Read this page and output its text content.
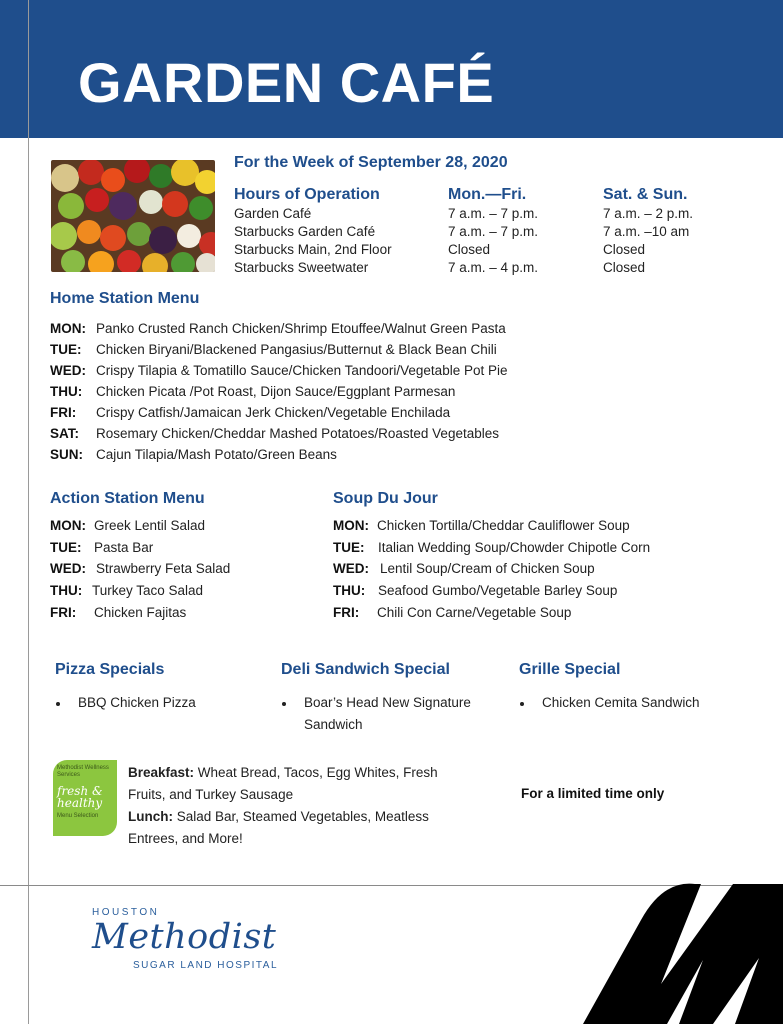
GARDEN CAFÉ
For the Week of September 28, 2020
Hours of Operation	Mon.—Fri.	Sat. & Sun.
Garden Café	7 a.m. – 7 p.m.	7 a.m. – 2 p.m.
Starbucks Garden Café	7 a.m. – 7 p.m.	7 a.m. –10 am
Starbucks Main, 2nd Floor	Closed	Closed
Starbucks Sweetwater	7 a.m. – 4 p.m.	Closed
Home Station Menu
MON: Panko Crusted Ranch Chicken/Shrimp Etouffee/Walnut Green Pasta
TUE: Chicken Biryani/Blackened Pangasius/Butternut & Black Bean Chili
WED: Crispy Tilapia & Tomatillo Sauce/Chicken Tandoori/Vegetable Pot Pie
THU: Chicken Picata /Pot Roast, Dijon Sauce/Eggplant Parmesan
FRI: Crispy Catfish/Jamaican Jerk Chicken/Vegetable Enchilada
SAT: Rosemary Chicken/Cheddar Mashed Potatoes/Roasted Vegetables
SUN: Cajun Tilapia/Mash Potato/Green Beans
Action Station Menu
MON: Greek Lentil Salad
TUE: Pasta Bar
WED: Strawberry Feta Salad
THU: Turkey Taco Salad
FRI: Chicken Fajitas
Soup Du Jour
MON: Chicken Tortilla/Cheddar Cauliflower Soup
TUE: Italian Wedding Soup/Chowder Chipotle Corn
WED: Lentil Soup/Cream of Chicken Soup
THU: Seafood Gumbo/Vegetable Barley Soup
FRI: Chili Con Carne/Vegetable Soup
Pizza Specials
BBQ Chicken Pizza
Deli Sandwich Special
Boar’s Head New Signature
Sandwich
Grille Special
Chicken Cemita Sandwich
Methodist Wellness Services
fresh &
healthy
Menu Selection
Breakfast: Wheat Bread, Tacos, Egg Whites, Fresh
Fruits, and Turkey Sausage
Lunch: Salad Bar, Steamed Vegetables, Meatless
Entrees, and More!
For a limited time only
HOUSTON
Methodist
SUGAR LAND HOSPITAL
